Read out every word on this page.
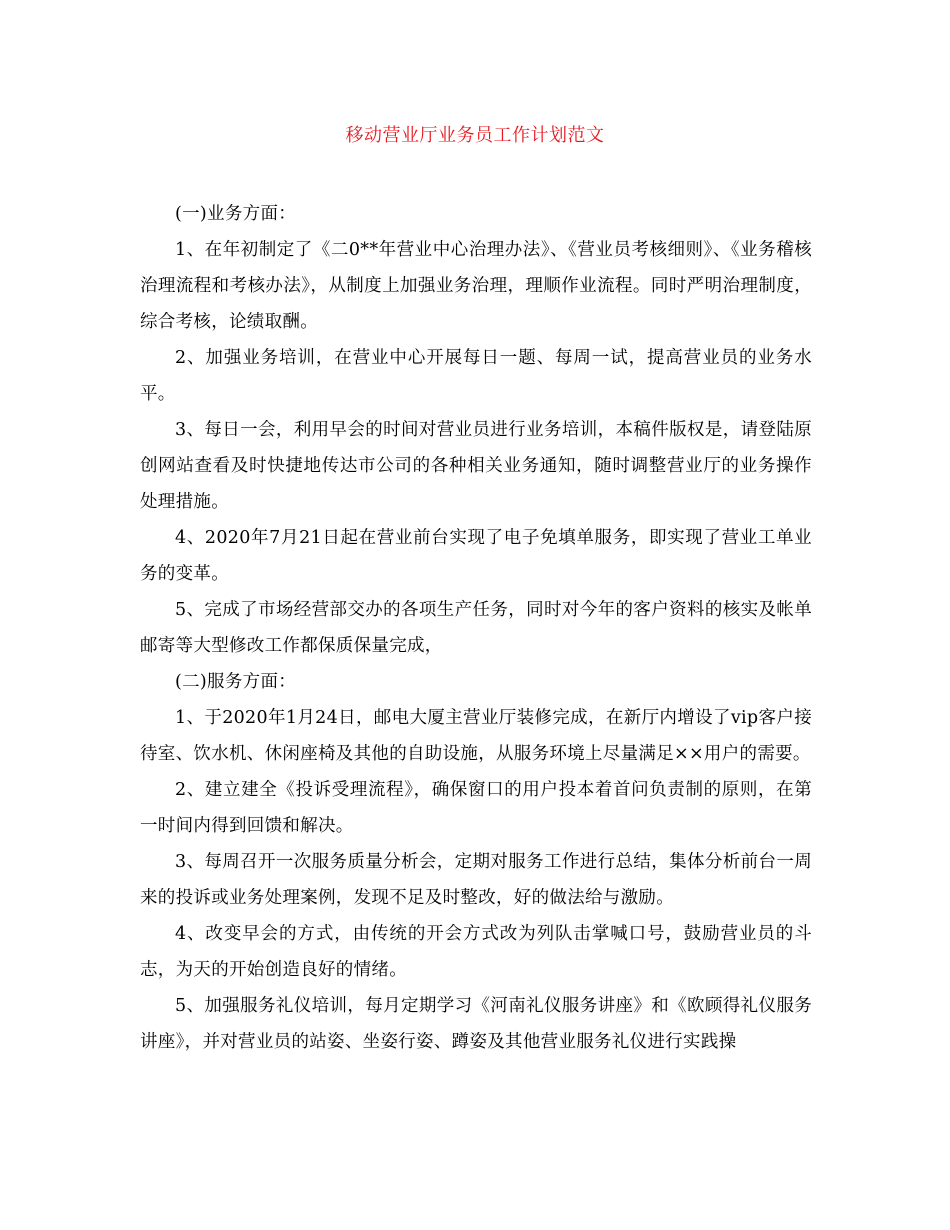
移动营业厅业务员工作计划范文

(一)业务方面：

1、在年初制定了《二0**年营业中心治理办法》、《营业员考核细则》、《业务稽核治理流程和考核办法》，从制度上加强业务治理，理顺作业流程。同时严明治理制度，综合考核，论绩取酬。

2、加强业务培训，在营业中心开展每日一题、每周一试，提高营业员的业务水平。

3、每日一会，利用早会的时间对营业员进行业务培训，本稿件版权是，请登陆原创网站查看及时快捷地传达市公司的各种相关业务通知，随时调整营业厅的业务操作处理措施。

4、2020年7月21日起在营业前台实现了电子免填单服务，即实现了营业工单业务的变革。

5、完成了市场经营部交办的各项生产任务，同时对今年的客户资料的核实及帐单邮寄等大型修改工作都保质保量完成，

(二)服务方面：

1、于2020年1月24日，邮电大厦主营业厅装修完成，在新厅内增设了vip客户接待室、饮水机、休闲座椅及其他的自助设施，从服务环境上尽量满足××用户的需要。

2、建立建全《投诉受理流程》，确保窗口的用户投本着首问负责制的原则，在第一时间内得到回馈和解决。

3、每周召开一次服务质量分析会，定期对服务工作进行总结，集体分析前台一周来的投诉或业务处理案例，发现不足及时整改，好的做法给与激励。

4、改变早会的方式，由传统的开会方式改为列队击掌喊口号，鼓励营业员的斗志，为天的开始创造良好的情绪。

5、加强服务礼仪培训，每月定期学习《河南礼仪服务讲座》和《欧顾得礼仪服务讲座》，并对营业员的站姿、坐姿行姿、蹲姿及其他营业服务礼仪进行实践操
